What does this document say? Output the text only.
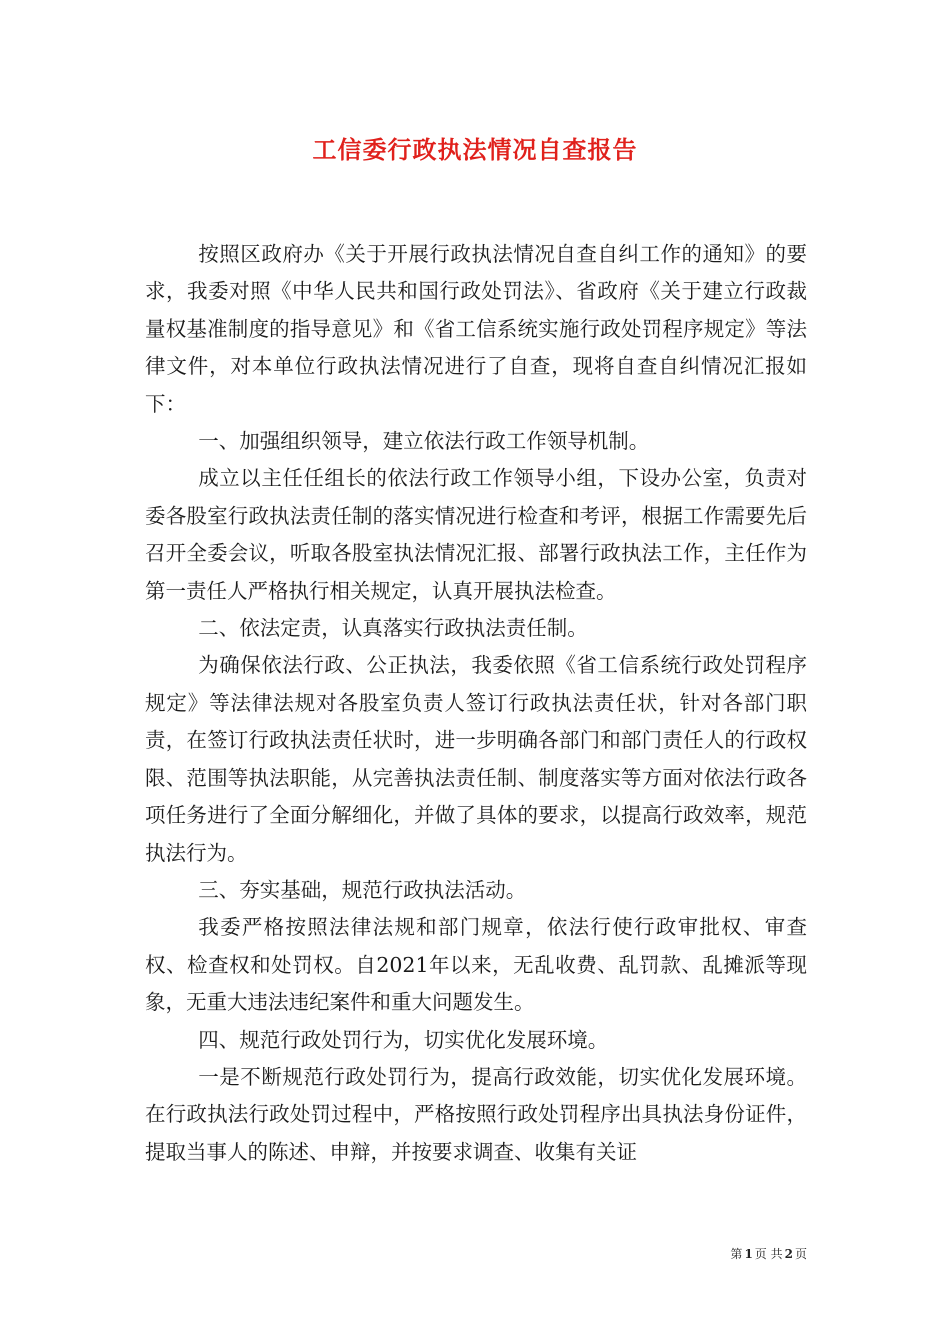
工信委行政执法情况自查报告

按照区政府办《关于开展行政执法情况自查自纠工作的通知》的要求，我委对照《中华人民共和国行政处罚法》、省政府《关于建立行政裁量权基准制度的指导意见》和《省工信系统实施行政处罚程序规定》等法律文件，对本单位行政执法情况进行了自查，现将自查自纠情况汇报如下：

一、加强组织领导，建立依法行政工作领导机制。

成立以主任任组长的依法行政工作领导小组，下设办公室，负责对委各股室行政执法责任制的落实情况进行检查和考评，根据工作需要先后召开全委会议，听取各股室执法情况汇报、部署行政执法工作，主任作为第一责任人严格执行相关规定，认真开展执法检查。

二、依法定责，认真落实行政执法责任制。

为确保依法行政、公正执法，我委依照《省工信系统行政处罚程序规定》等法律法规对各股室负责人签订行政执法责任状，针对各部门职责，在签订行政执法责任状时，进一步明确各部门和部门责任人的行政权限、范围等执法职能，从完善执法责任制、制度落实等方面对依法行政各项任务进行了全面分解细化，并做了具体的要求，以提高行政效率，规范执法行为。

三、夯实基础，规范行政执法活动。

我委严格按照法律法规和部门规章，依法行使行政审批权、审查权、检查权和处罚权。自2021年以来，无乱收费、乱罚款、乱摊派等现象，无重大违法违纪案件和重大问题发生。

四、规范行政处罚行为，切实优化发展环境。

一是不断规范行政处罚行为，提高行政效能，切实优化发展环境。在行政执法行政处罚过程中，严格按照行政处罚程序出具执法身份证件，提取当事人的陈述、申辩，并按要求调查、收集有关证

第 1 页 共 2 页
